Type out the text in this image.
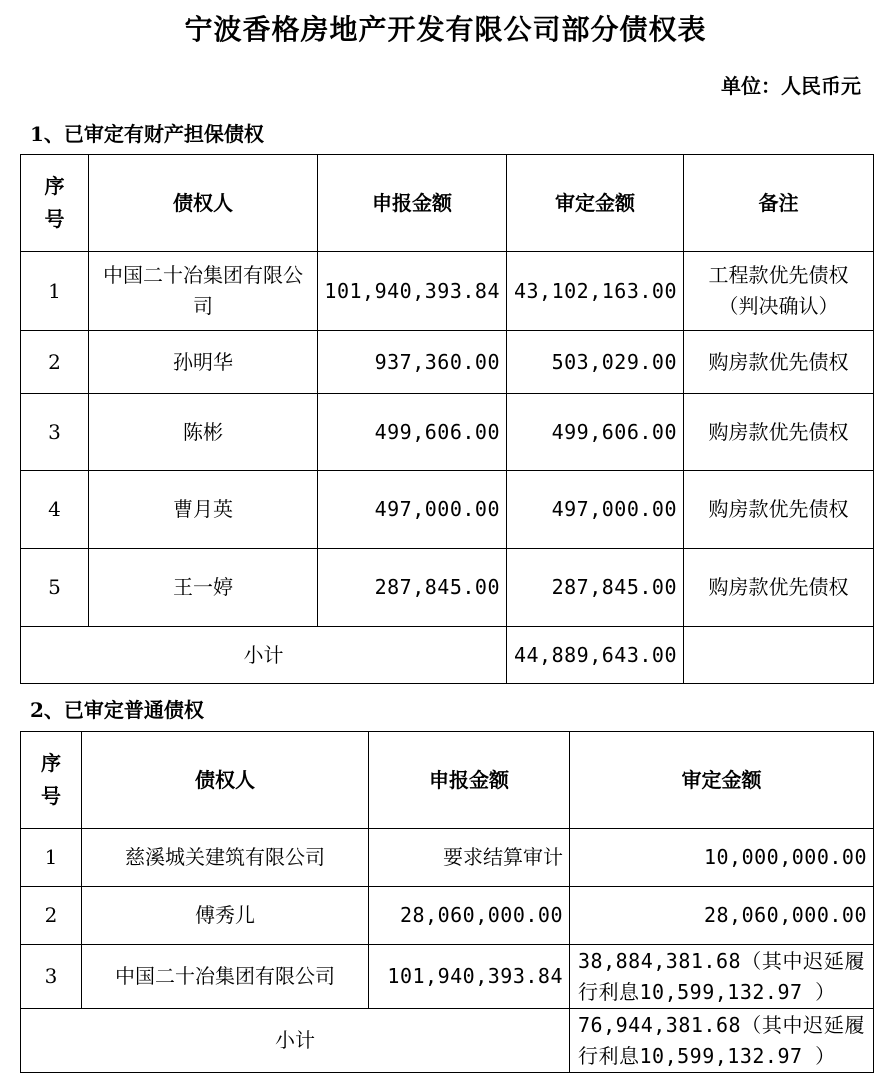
宁波香格房地产开发有限公司部分债权表
单位：人民币元
1、已审定有财产担保债权
序号	债权人	申报金额	审定金额	备注
1	中国二十冶集团有限公司	101,940,393.84	43,102,163.00	工程款优先债权（判决确认）
2	孙明华	937,360.00	503,029.00	购房款优先债权
3	陈彬	499,606.00	499,606.00	购房款优先债权
4	曹月英	497,000.00	497,000.00	购房款优先债权
5	王一婷	287,845.00	287,845.00	购房款优先债权
小计			44,889,643.00	
2、已审定普通债权
序号	债权人	申报金额	审定金额
1	慈溪城关建筑有限公司	要求结算审计	10,000,000.00
2	傅秀儿	28,060,000.00	28,060,000.00
3	中国二十冶集团有限公司	101,940,393.84	38,884,381.68（其中迟延履行利息10,599,132.97 ）
小计			76,944,381.68（其中迟延履行利息10,599,132.97 ）
